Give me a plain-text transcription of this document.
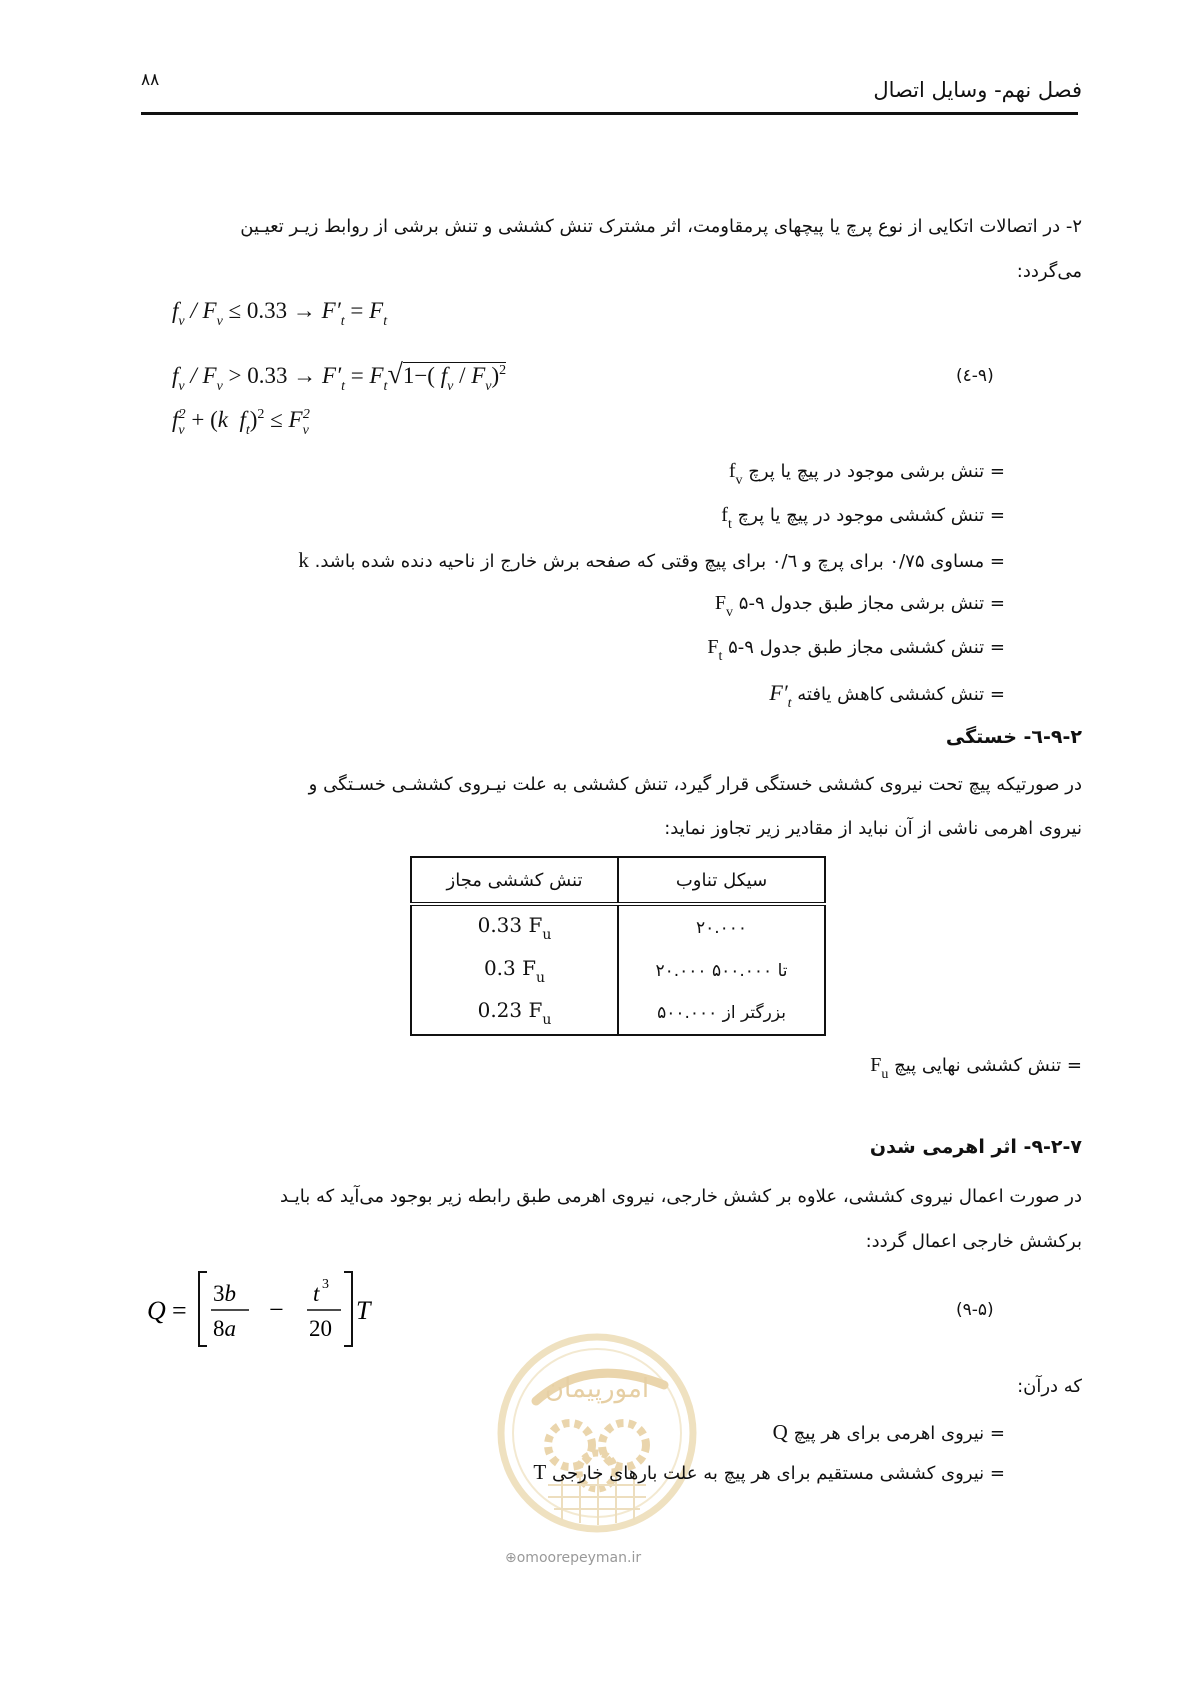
۸۸	فصل نهم- وسایل اتصال
۲- در اتصالات اتکایی از نوع پرچ یا پیچهای پرمقاومت، اثر مشترک تنش کششی و تنش برشی از روابط زیـر تعیـین
می‌گردد:
$f_v / F_v \le 0.33 \to F'_t = F_t$
$f_v / F_v > 0.33 \to F'_t = F_t√1-$( $f_v / F_v)^2$
$f_v^2 + (k$  $f_t)^2 \le F_v^2$
(۹-٤)
= تنش برشی موجود در پیچ یا پرچ $f_v$
= تنش کششی موجود در پیچ یا پرچ $f_t$
= مساوی ۰/۷۵ برای پرچ و ۰/٦ برای پیچ وقتی که صفحه برش خارج از ناحیه دنده شده باشد. k
= تنش برشی مجاز طبق جدول ۹-۵ $F_v$
= تنش کششی مجاز طبق جدول ۹-۵ $F_t$
= تنش کششی کاهش یافته $F'_t$
۹-۲-٦- خستگی
در صورتیکه پیچ تحت نیروی کششی خستگی قرار گیرد، تنش کششی به علت نیـروی کششـی خسـتگی و
نیروی اهرمی ناشی از آن نباید از مقادیر زیر تجاوز نماید:
تنش کششی مجاز	سیکل تناوب
0.33 $F_u$	۲۰.۰۰۰
0.3 $F_u$	۲۰.۰۰۰ تا ۵۰۰.۰۰۰
0.23 $F_u$	بزرگتر از ۵۰۰.۰۰۰
= تنش کششی نهایی پیچ $F_u$
۹-۲-۷- اثر اهرمی شدن
در صورت اعمال نیروی کششی، علاوه بر کشش خارجی، نیروی اهرمی طبق رابطه زیر بوجود می‌آید که بایـد
برکشش خارجی اعمال گردد:
Q =
3b
8a
−
t 3
20
T	(۹-۵)
امورپیمان
⊕omoorepeyman.ir
که درآن:
= نیروی اهرمی برای هر پیچ Q
= نیروی کششی مستقیم برای هر پیچ به علت بارهای خارجی T
